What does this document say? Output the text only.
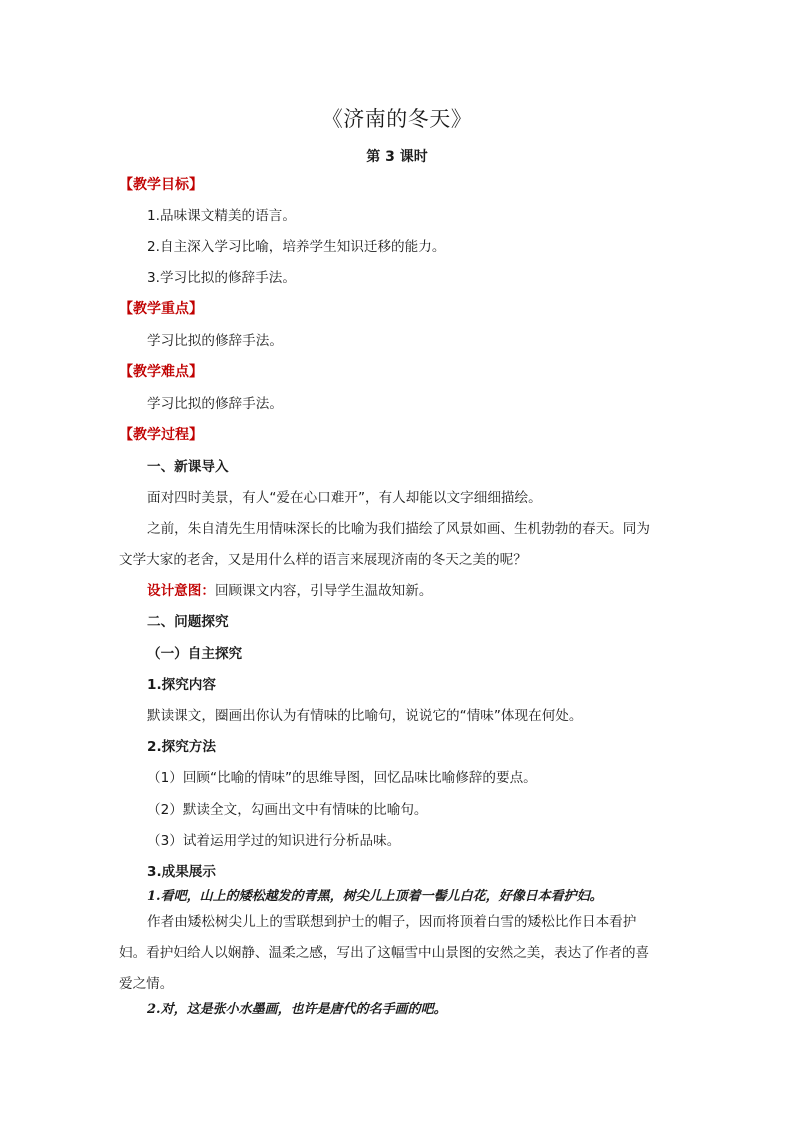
《济南的冬天》
第 3 课时
【教学目标】
1.品味课文精美的语言。
2.自主深入学习比喻，培养学生知识迁移的能力。
3.学习比拟的修辞手法。
【教学重点】
学习比拟的修辞手法。
【教学难点】
学习比拟的修辞手法。
【教学过程】
一、新课导入
面对四时美景，有人“爱在心口难开”，有人却能以文字细细描绘。
之前，朱自清先生用情味深长的比喻为我们描绘了风景如画、生机勃勃的春天。同为
文学大家的老舍，又是用什么样的语言来展现济南的冬天之美的呢？
设计意图：回顾课文内容，引导学生温故知新。
二、问题探究
（一）自主探究
1.探究内容
默读课文，圈画出你认为有情味的比喻句，说说它的“情味”体现在何处。
2.探究方法
（1）回顾“比喻的情味”的思维导图，回忆品味比喻修辞的要点。
（2）默读全文，勾画出文中有情味的比喻句。
（3）试着运用学过的知识进行分析品味。
3.成果展示
1.看吧，山上的矮松越发的青黑，树尖儿上顶着一髻儿白花，好像日本看护妇。
作者由矮松树尖儿上的雪联想到护士的帽子，因而将顶着白雪的矮松比作日本看护
妇。看护妇给人以娴静、温柔之感，写出了这幅雪中山景图的安然之美，表达了作者的喜
爱之情。
2.对，这是张小水墨画，也许是唐代的名手画的吧。
